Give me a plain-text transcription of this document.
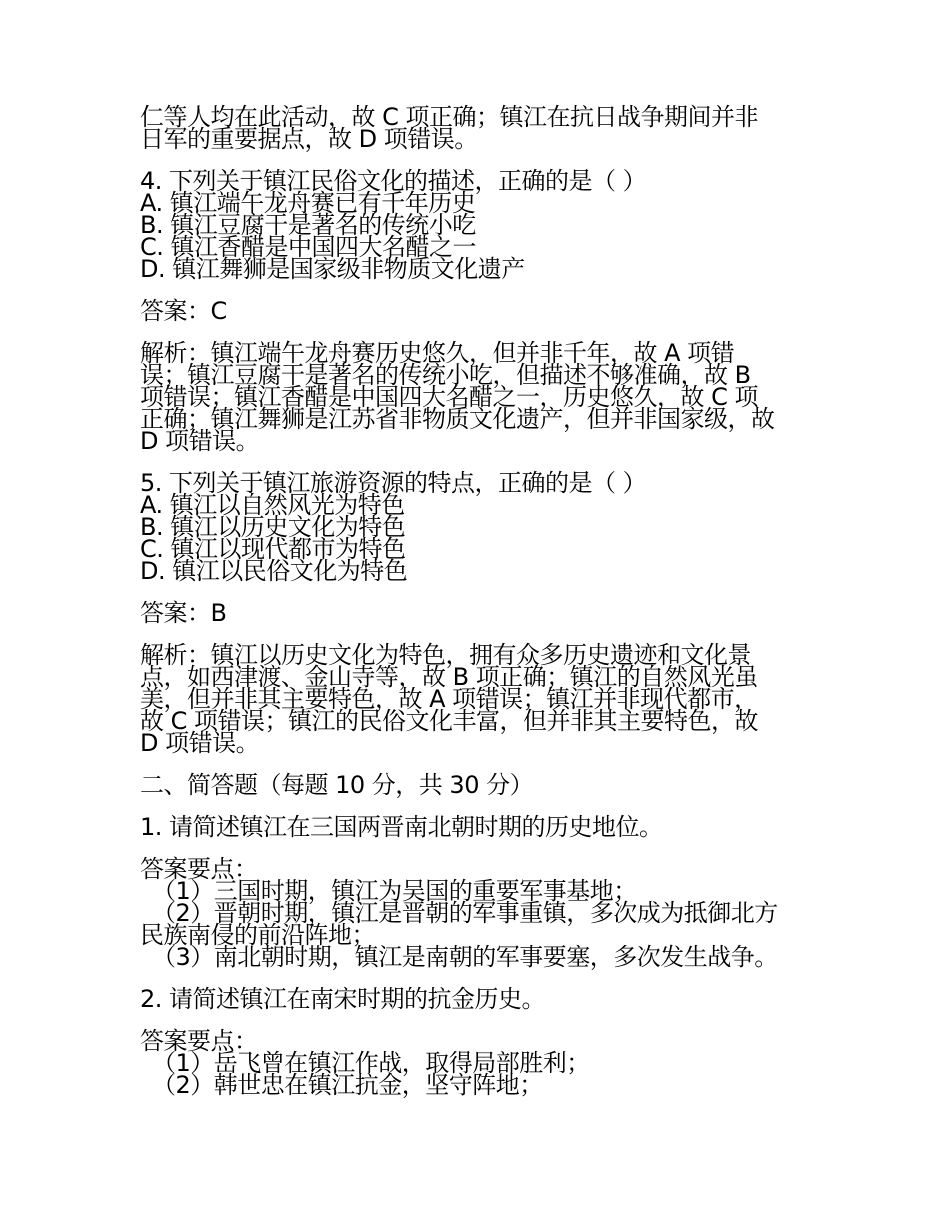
仁等人均在此活动，故 C 项正确；镇江在抗日战争期间并非
日军的重要据点，故 D 项错误。
4. 下列关于镇江民俗文化的描述，正确的是（ ）
A. 镇江端午龙舟赛已有千年历史
B. 镇江豆腐干是著名的传统小吃
C. 镇江香醋是中国四大名醋之一
D. 镇江舞狮是国家级非物质文化遗产
答案：C
解析：镇江端午龙舟赛历史悠久，但并非千年，故 A 项错
误；镇江豆腐干是著名的传统小吃，但描述不够准确，故 B
项错误；镇江香醋是中国四大名醋之一，历史悠久，故 C 项
正确；镇江舞狮是江苏省非物质文化遗产，但并非国家级，故
D 项错误。
5. 下列关于镇江旅游资源的特点，正确的是（ ）
A. 镇江以自然风光为特色
B. 镇江以历史文化为特色
C. 镇江以现代都市为特色
D. 镇江以民俗文化为特色
答案：B
解析：镇江以历史文化为特色，拥有众多历史遗迹和文化景
点，如西津渡、金山寺等，故 B 项正确；镇江的自然风光虽
美，但并非其主要特色，故 A 项错误；镇江并非现代都市，
故 C 项错误；镇江的民俗文化丰富，但并非其主要特色，故
D 项错误。
二、简答题（每题 10 分，共 30 分）
1. 请简述镇江在三国两晋南北朝时期的历史地位。
答案要点：
（1）三国时期，镇江为吴国的重要军事基地；
（2）晋朝时期，镇江是晋朝的军事重镇，多次成为抵御北方
民族南侵的前沿阵地；
（3）南北朝时期，镇江是南朝的军事要塞，多次发生战争。
2. 请简述镇江在南宋时期的抗金历史。
答案要点：
（1）岳飞曾在镇江作战，取得局部胜利；
（2）韩世忠在镇江抗金，坚守阵地；
